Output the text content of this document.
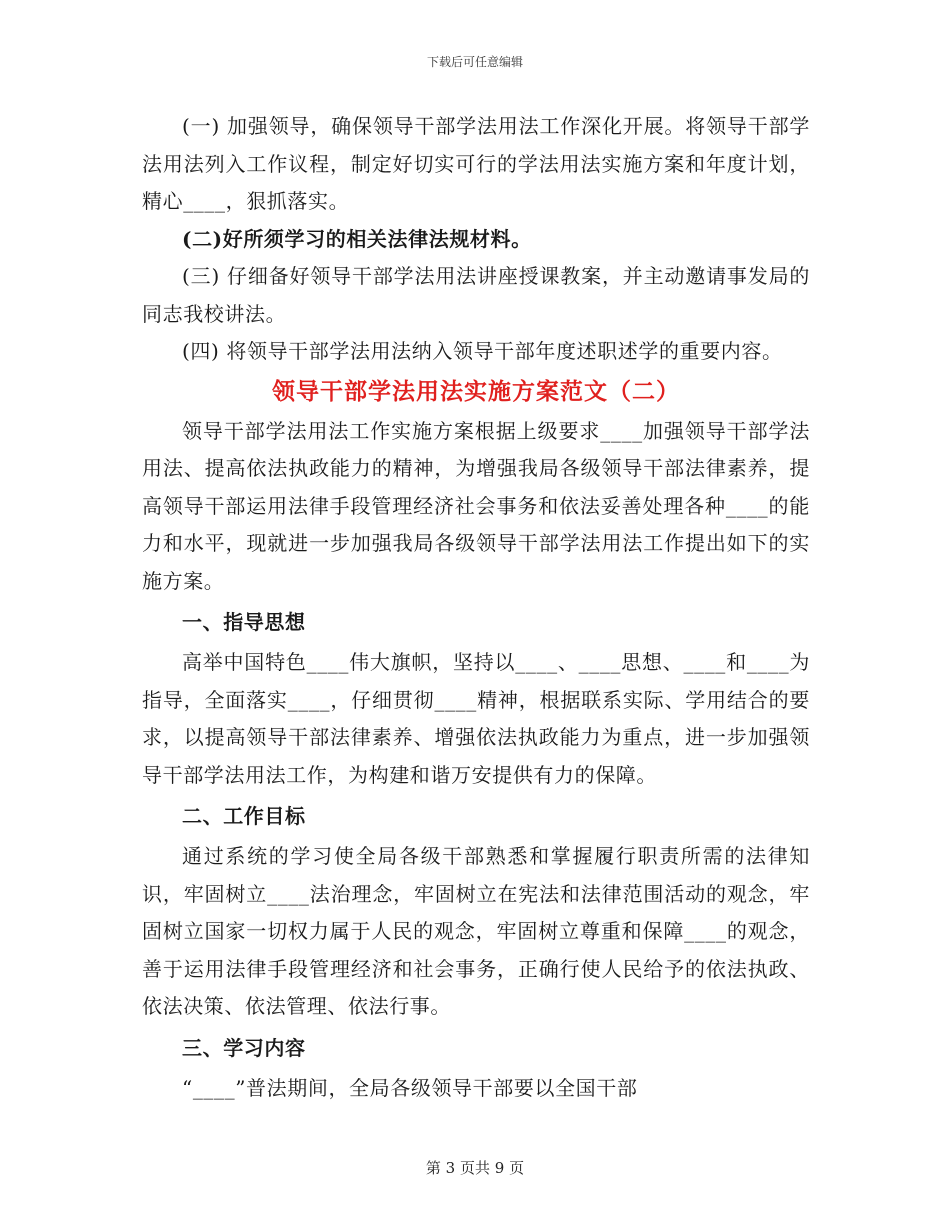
下载后可任意编辑

(一) 加强领导，确保领导干部学法用法工作深化开展。将领导干部学法用法列入工作议程，制定好切实可行的学法用法实施方案和年度计划，精心____，狠抓落实。

(二)好所须学习的相关法律法规材料。

(三) 仔细备好领导干部学法用法讲座授课教案，并主动邀请事发局的同志我校讲法。

(四) 将领导干部学法用法纳入领导干部年度述职述学的重要内容。

领导干部学法用法实施方案范文（二）

领导干部学法用法工作实施方案根据上级要求____加强领导干部学法用法、提高依法执政能力的精神，为增强我局各级领导干部法律素养，提高领导干部运用法律手段管理经济社会事务和依法妥善处理各种____的能力和水平，现就进一步加强我局各级领导干部学法用法工作提出如下的实施方案。

一、指导思想

高举中国特色____伟大旗帜，坚持以____、____思想、____和____为指导，全面落实____，仔细贯彻____精神，根据联系实际、学用结合的要求，以提高领导干部法律素养、增强依法执政能力为重点，进一步加强领导干部学法用法工作，为构建和谐万安提供有力的保障。

二、工作目标

通过系统的学习使全局各级干部熟悉和掌握履行职责所需的法律知识，牢固树立____法治理念，牢固树立在宪法和法律范围活动的观念，牢固树立国家一切权力属于人民的观念，牢固树立尊重和保障____的观念，善于运用法律手段管理经济和社会事务，正确行使人民给予的依法执政、依法决策、依法管理、依法行事。

三、学习内容

“____”普法期间，全局各级领导干部要以全国干部

第 3 页共 9 页
